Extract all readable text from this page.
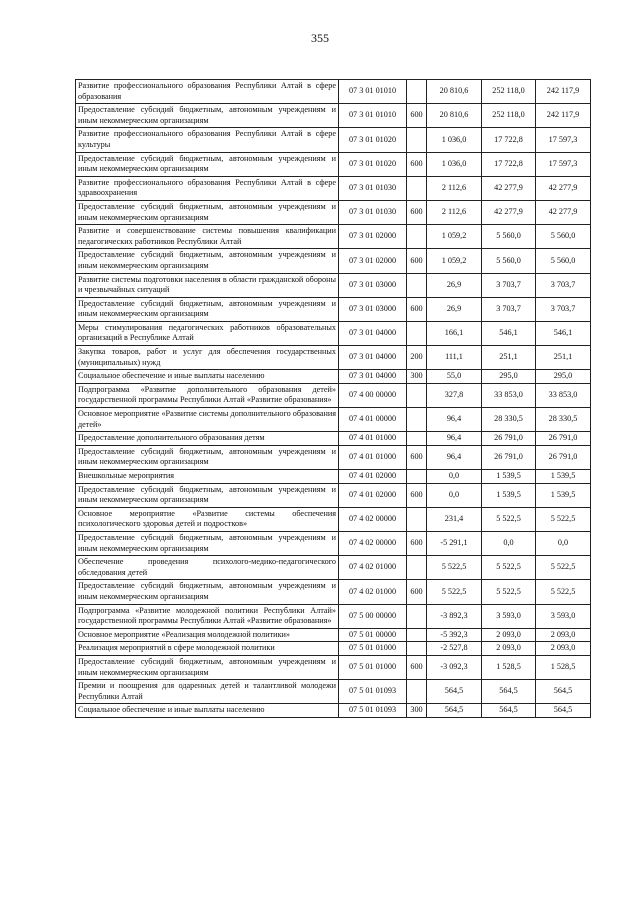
355
Развитие профессионального образования Республики Алтай в сфере образования	07 3 01 01010		20 810,6	252 118,0	242 117,9
Предоставление субсидий бюджетным, автономным учреждениям и иным некоммерческим организациям	07 3 01 01010	600	20 810,6	252 118,0	242 117,9
Развитие профессионального образования Республики Алтай в сфере культуры	07 3 01 01020		1 036,0	17 722,8	17 597,3
Предоставление субсидий бюджетным, автономным учреждениям и иным некоммерческим организациям	07 3 01 01020	600	1 036,0	17 722,8	17 597,3
Развитие профессионального образования Республики Алтай в сфере здравоохранения	07 3 01 01030		2 112,6	42 277,9	42 277,9
Предоставление субсидий бюджетным, автономным учреждениям и иным некоммерческим организациям	07 3 01 01030	600	2 112,6	42 277,9	42 277,9
Развитие и совершенствование системы повышения квалификации педагогических работников Республики Алтай	07 3 01 02000		1 059,2	5 560,0	5 560,0
Предоставление субсидий бюджетным, автономным учреждениям и иным некоммерческим организациям	07 3 01 02000	600	1 059,2	5 560,0	5 560,0
Развитие системы подготовки населения в области гражданской обороны и чрезвычайных ситуаций	07 3 01 03000		26,9	3 703,7	3 703,7
Предоставление субсидий бюджетным, автономным учреждениям и иным некоммерческим организациям	07 3 01 03000	600	26,9	3 703,7	3 703,7
Меры стимулирования педагогических работников образовательных организаций в Республике Алтай	07 3 01 04000		166,1	546,1	546,1
Закупка товаров, работ и услуг для обеспечения государственных (муниципальных) нужд	07 3 01 04000	200	111,1	251,1	251,1
Социальное обеспечение и иные выплаты населению	07 3 01 04000	300	55,0	295,0	295,0
Подпрограмма «Развитие дополнительного образования детей» государственной программы Республики Алтай «Развитие образования»	07 4 00 00000		327,8	33 853,0	33 853,0
Основное мероприятие «Развитие системы дополнительного образования детей»	07 4 01 00000		96,4	28 330,5	28 330,5
Предоставление дополнительного образования детям	07 4 01 01000		96,4	26 791,0	26 791,0
Предоставление субсидий бюджетным, автономным учреждениям и иным некоммерческим организациям	07 4 01 01000	600	96,4	26 791,0	26 791,0
Внешкольные мероприятия	07 4 01 02000		0,0	1 539,5	1 539,5
Предоставление субсидий бюджетным, автономным учреждениям и иным некоммерческим организациям	07 4 01 02000	600	0,0	1 539,5	1 539,5
Основное мероприятие «Развитие системы обеспечения психологического здоровья детей и подростков»	07 4 02 00000		231,4	5 522,5	5 522,5
Предоставление субсидий бюджетным, автономным учреждениям и иным некоммерческим организациям	07 4 02 00000	600	-5 291,1	0,0	0,0
Обеспечение проведения психолого-медико-педагогического обследования детей	07 4 02 01000		5 522,5	5 522,5	5 522,5
Предоставление субсидий бюджетным, автономным учреждениям и иным некоммерческим организациям	07 4 02 01000	600	5 522,5	5 522,5	5 522,5
Подпрограмма «Развитие молодежной политики Республики Алтай» государственной программы Республики Алтай «Развитие образования»	07 5 00 00000		-3 892,3	3 593,0	3 593,0
Основное мероприятие «Реализация молодежной политики»	07 5 01 00000		-5 392,3	2 093,0	2 093,0
Реализация мероприятий в сфере молодежной политики	07 5 01 01000		-2 527,8	2 093,0	2 093,0
Предоставление субсидий бюджетным, автономным учреждениям и иным некоммерческим организациям	07 5 01 01000	600	-3 092,3	1 528,5	1 528,5
Премии и поощрения для одаренных детей и талантливой молодежи Республики Алтай	07 5 01 01093		564,5	564,5	564,5
Социальное обеспечение и иные выплаты населению	07 5 01 01093	300	564,5	564,5	564,5
